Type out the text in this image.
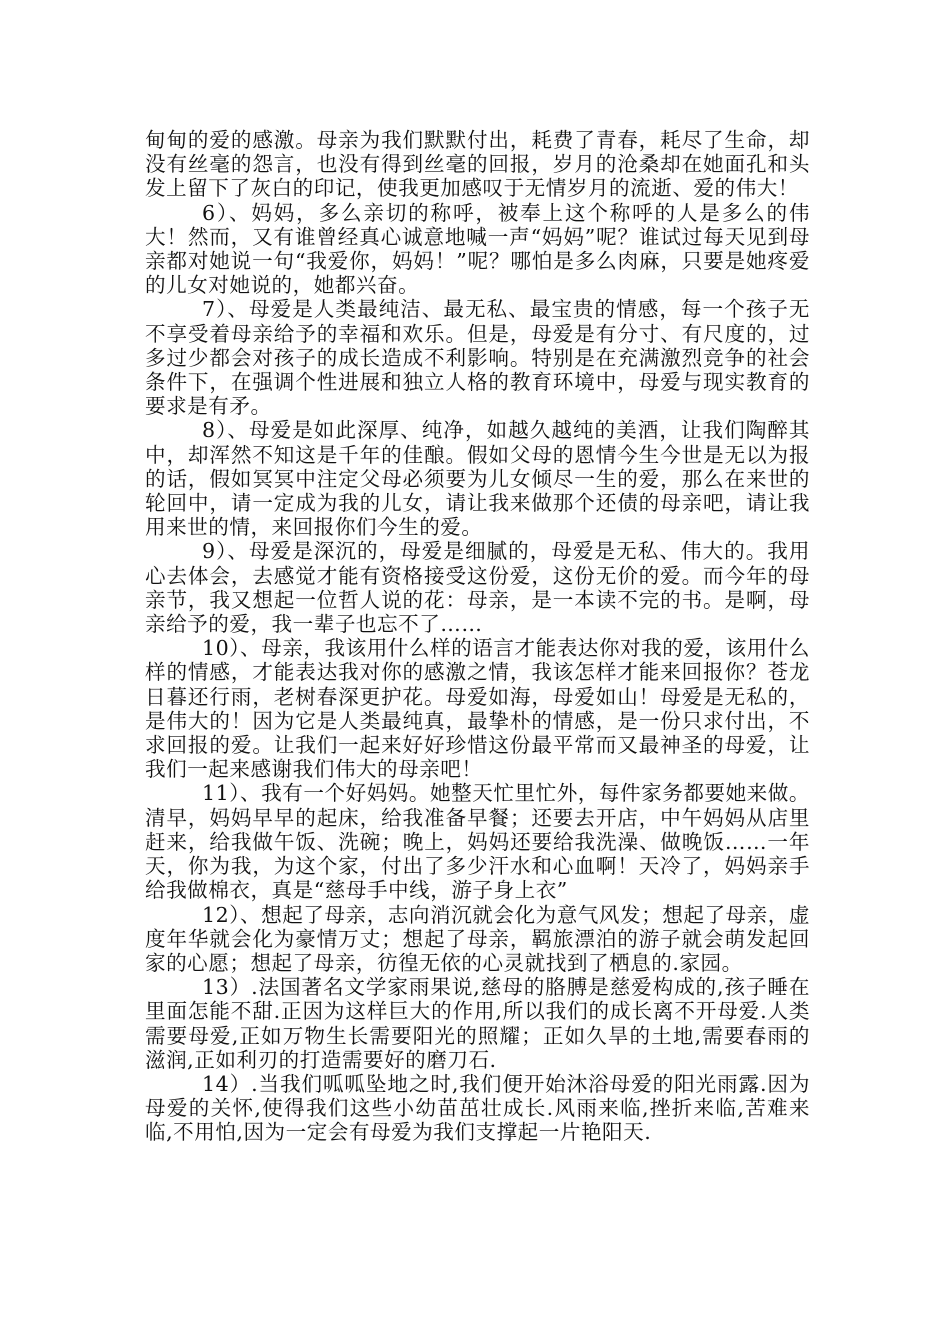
甸甸的爱的感激。母亲为我们默默付出，耗费了青春，耗尽了生命，却没有丝毫的怨言，也没有得到丝毫的回报，岁月的沧桑却在她面孔和头发上留下了灰白的印记，使我更加感叹于无情岁月的流逝、爱的伟大！

6）、妈妈，多么亲切的称呼，被奉上这个称呼的人是多么的伟大！然而，又有谁曾经真心诚意地喊一声“妈妈”呢？谁试过每天见到母亲都对她说一句“我爱你，妈妈！”呢？哪怕是多么肉麻，只要是她疼爱的儿女对她说的，她都兴奋。

7）、母爱是人类最纯洁、最无私、最宝贵的情感，每一个孩子无不享受着母亲给予的幸福和欢乐。但是，母爱是有分寸、有尺度的，过多过少都会对孩子的成长造成不利影响。特别是在充满激烈竞争的社会条件下，在强调个性进展和独立人格的教育环境中，母爱与现实教育的要求是有矛。

8）、母爱是如此深厚、纯净，如越久越纯的美酒，让我们陶醉其中，却浑然不知这是千年的佳酿。假如父母的恩情今生今世是无以为报的话，假如冥冥中注定父母必须要为儿女倾尽一生的爱，那么在来世的轮回中，请一定成为我的儿女，请让我来做那个还债的母亲吧，请让我用来世的情，来回报你们今生的爱。

9）、母爱是深沉的，母爱是细腻的，母爱是无私、伟大的。我用心去体会，去感觉才能有资格接受这份爱，这份无价的爱。而今年的母亲节，我又想起一位哲人说的花：母亲，是一本读不完的书。是啊，母亲给予的爱，我一辈子也忘不了……

10）、母亲，我该用什么样的语言才能表达你对我的爱，该用什么样的情感，才能表达我对你的感激之情，我该怎样才能来回报你？苍龙日暮还行雨，老树春深更护花。母爱如海，母爱如山！母爱是无私的，是伟大的！因为它是人类最纯真，最挚朴的情感，是一份只求付出，不求回报的爱。让我们一起来好好珍惜这份最平常而又最神圣的母爱，让我们一起来感谢我们伟大的母亲吧！

11）、我有一个好妈妈。她整天忙里忙外，每件家务都要她来做。清早，妈妈早早的起床，给我准备早餐；还要去开店，中午妈妈从店里赶来，给我做午饭、洗碗；晚上，妈妈还要给我洗澡、做晚饭……一年天，你为我，为这个家，付出了多少汗水和心血啊！天冷了，妈妈亲手给我做棉衣，真是“慈母手中线，游子身上衣”

12）、想起了母亲，志向消沉就会化为意气风发；想起了母亲，虚度年华就会化为豪情万丈；想起了母亲，羁旅漂泊的游子就会萌发起回家的心愿；想起了母亲，彷徨无依的心灵就找到了栖息的.家园。

13）.法国著名文学家雨果说,慈母的胳膊是慈爱构成的,孩子睡在里面怎能不甜.正因为这样巨大的作用,所以我们的成长离不开母爱.人类需要母爱,正如万物生长需要阳光的照耀；正如久旱的土地,需要春雨的滋润,正如利刃的打造需要好的磨刀石.

14）.当我们呱呱坠地之时,我们便开始沐浴母爱的阳光雨露.因为母爱的关怀,使得我们这些小幼苗茁壮成长.风雨来临,挫折来临,苦难来临,不用怕,因为一定会有母爱为我们支撑起一片艳阳天.
